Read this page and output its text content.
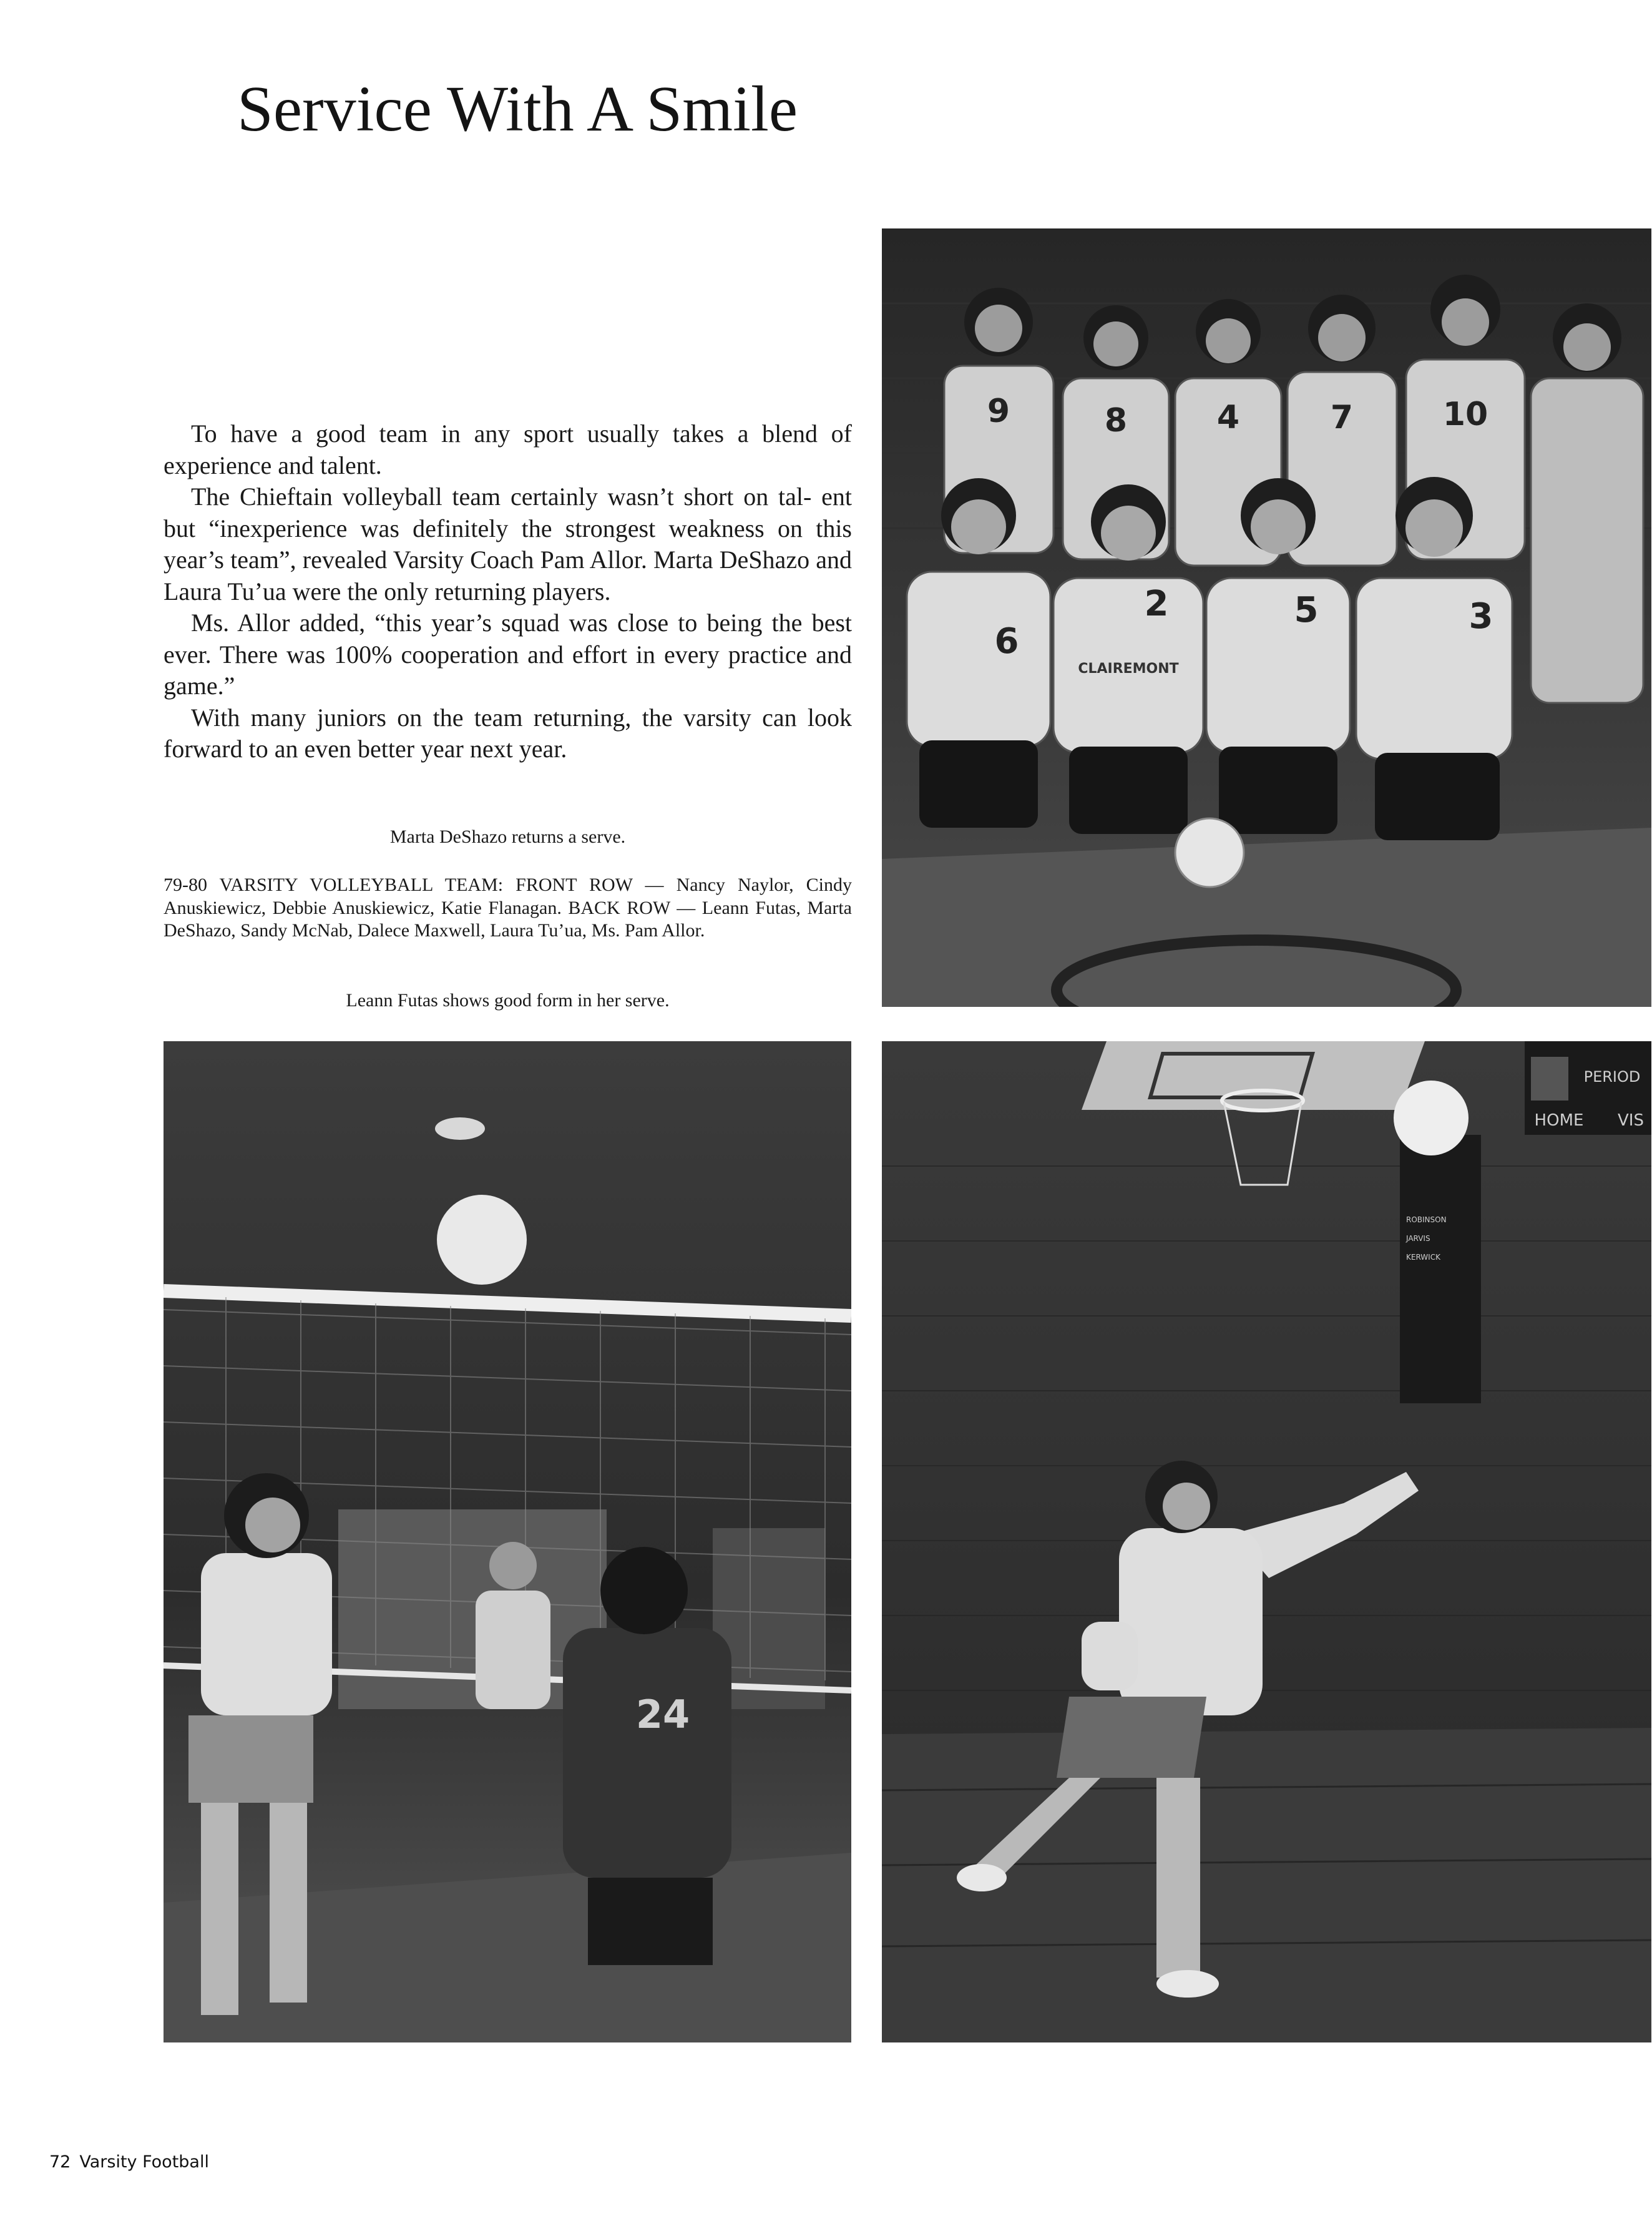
Service With A Smile

To have a good team in any sport usually takes a blend of experience and talent.

The Chieftain volleyball team certainly wasn’t short on tal- ent but “inexperience was definitely the strongest weakness on this year’s team”, revealed Varsity Coach Pam Allor. Marta DeShazo and Laura Tu’ua were the only returning players.

Ms. Allor added, “this year’s squad was close to being the best ever. There was 100% cooperation and effort in every practice and game.”

With many juniors on the team returning, the varsity can look forward to an even better year next year.

Marta DeShazo returns a serve.
79-80 VARSITY VOLLEYBALL TEAM: FRONT ROW — Nancy Naylor, Cindy Anuskiewicz, Debbie Anuskiewicz, Katie Flanagan. BACK ROW — Leann Futas, Marta DeShazo, Sandy McNab, Dalece Maxwell, Laura Tu’ua, Ms. Pam Allor.
Leann Futas shows good form in her serve.
9	8	4	7	10
6
2	5	3
CLAIREMONT
24
PERIOD
HOME VIS
ROBINSON
JARVIS
KERWICK
72 Varsity Football
